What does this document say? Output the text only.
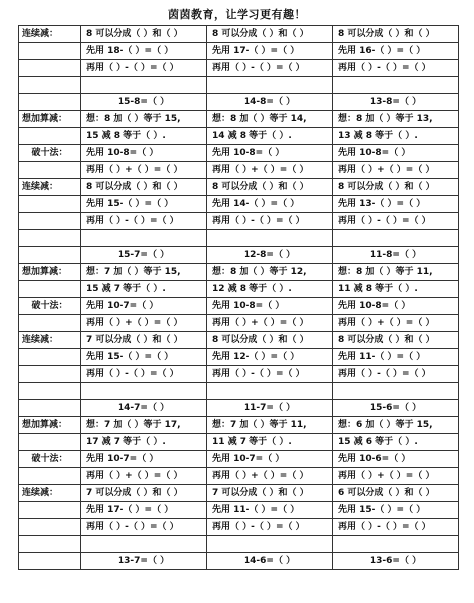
茵茵教育，让学习更有趣！
连续减：	8 可以分成（ ）和（ ）	8 可以分成（ ）和（ ）	8 可以分成（ ）和（ ）
	先用 18-（ ）=（ ）	先用 17-（ ）=（ ）	先用 16-（ ）=（ ）
	再用（ ）-（ ）=（ ）	再用（ ）-（ ）=（ ）	再用（ ）-（ ）=（ ）

	15-8=（ ）	14-8=（ ）	13-8=（ ）
想加算减：	想：8 加（ ）等于 15,	想：8 加（ ）等于 14,	想：8 加（ ）等于 13,
	15 减 8 等于（ ）.	14 减 8 等于（ ）.	13 减 8 等于（ ）.
破十法：	先用 10-8=（ ）	先用 10-8=（ ）	先用 10-8=（ ）
	再用（ ）+（ ）=（ ）	再用（ ）+（ ）=（ ）	再用（ ）+（ ）=（ ）
连续减：	8 可以分成（ ）和（ ）	8 可以分成（ ）和（ ）	8 可以分成（ ）和（ ）
	先用 15-（ ）=（ ）	先用 14-（ ）=（ ）	先用 13-（ ）=（ ）
	再用（ ）-（ ）=（ ）	再用（ ）-（ ）=（ ）	再用（ ）-（ ）=（ ）

	15-7=（ ）	12-8=（ ）	11-8=（ ）
想加算减：	想：7 加（ ）等于 15,	想：8 加（ ）等于 12,	想：8 加（ ）等于 11,
	15 减 7 等于（ ）.	12 减 8 等于（ ）.	11 减 8 等于（ ）.
破十法：	先用 10-7=（ ）	先用 10-8=（ ）	先用 10-8=（ ）
	再用（ ）+（ ）=（ ）	再用（ ）+（ ）=（ ）	再用（ ）+（ ）=（ ）
连续减：	7 可以分成（ ）和（ ）	8 可以分成（ ）和（ ）	8 可以分成（ ）和（ ）
	先用 15-（ ）=（ ）	先用 12-（ ）=（ ）	先用 11-（ ）=（ ）
	再用（ ）-（ ）=（ ）	再用（ ）-（ ）=（ ）	再用（ ）-（ ）=（ ）

	14-7=（ ）	11-7=（ ）	15-6=（ ）
想加算减：	想：7 加（ ）等于 17,	想：7 加（ ）等于 11,	想：6 加（ ）等于 15,
	17 减 7 等于（ ）.	11 减 7 等于（ ）.	15 减 6 等于（ ）.
破十法：	先用 10-7=（ ）	先用 10-7=（ ）	先用 10-6=（ ）
	再用（ ）+（ ）=（ ）	再用（ ）+（ ）=（ ）	再用（ ）+（ ）=（ ）
连续减：	7 可以分成（ ）和（ ）	7 可以分成（ ）和（ ）	6 可以分成（ ）和（ ）
	先用 17-（ ）=（ ）	先用 11-（ ）=（ ）	先用 15-（ ）=（ ）
	再用（ ）-（ ）=（ ）	再用（ ）-（ ）=（ ）	再用（ ）-（ ）=（ ）

	13-7=（ ）	14-6=（ ）	13-6=（ ）
